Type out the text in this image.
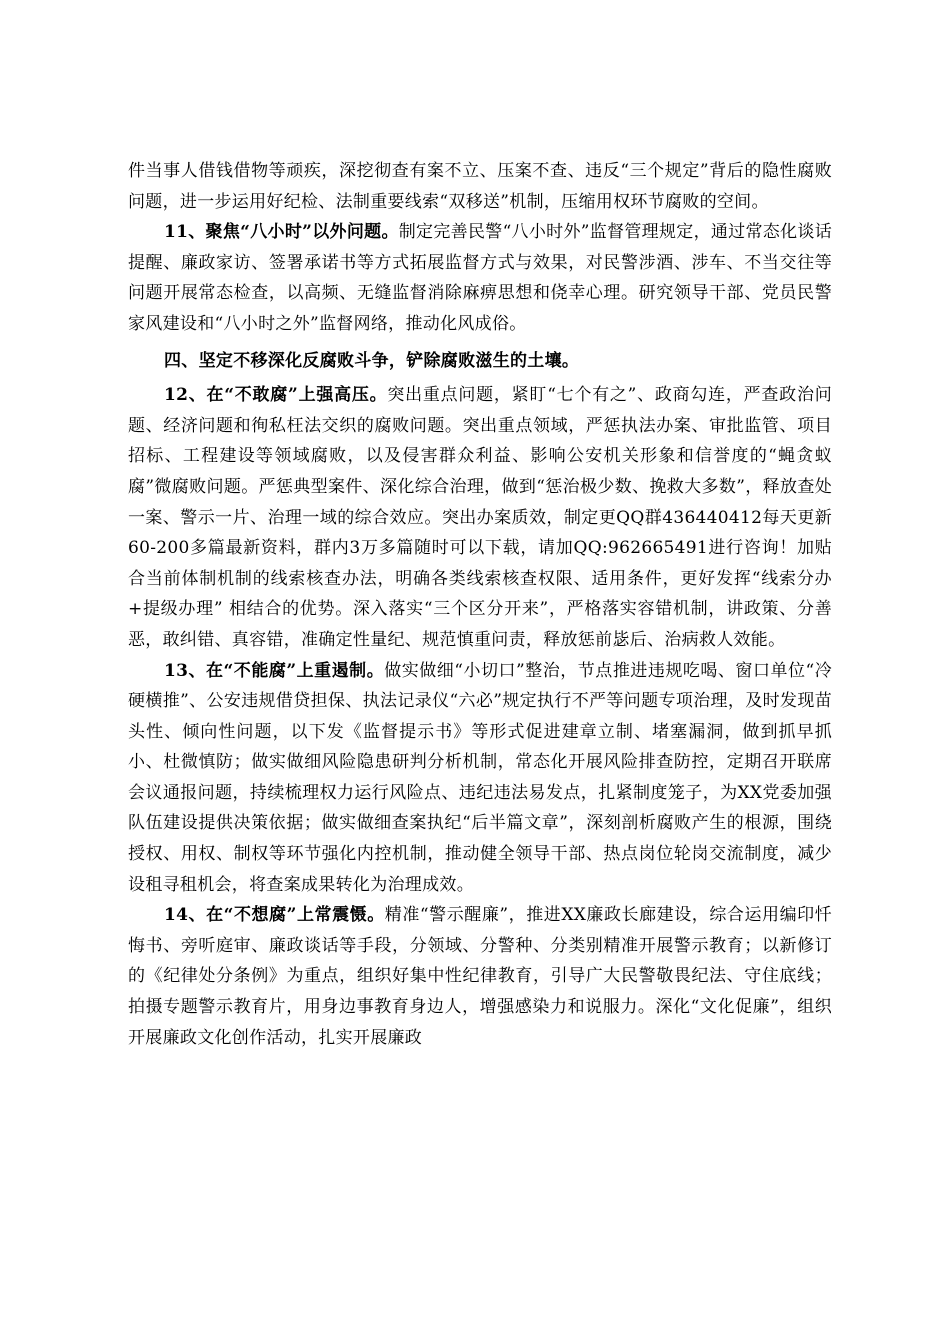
件当事人借钱借物等顽疾，深挖彻查有案不立、压案不查、违反“三个规定”背后的隐性腐败问题，进一步运用好纪检、法制重要线索“双移送”机制，压缩用权环节腐败的空间。

11、聚焦“八小时”以外问题。制定完善民警“八小时外”监督管理规定，通过常态化谈话提醒、廉政家访、签署承诺书等方式拓展监督方式与效果，对民警涉酒、涉车、不当交往等问题开展常态检查，以高频、无缝监督消除麻痹思想和侥幸心理。研究领导干部、党员民警家风建设和“八小时之外”监督网络，推动化风成俗。

四、坚定不移深化反腐败斗争，铲除腐败滋生的土壤。

12、在“不敢腐”上强高压。突出重点问题，紧盯“七个有之”、政商勾连，严查政治问题、经济问题和徇私枉法交织的腐败问题。突出重点领域，严惩执法办案、审批监管、项目招标、工程建设等领域腐败，以及侵害群众利益、影响公安机关形象和信誉度的“蝇贪蚁腐”微腐败问题。严惩典型案件、深化综合治理，做到“惩治极少数、挽救大多数”，释放查处一案、警示一片、治理一域的综合效应。突出办案质效，制定更QQ群436440412每天更新60-200多篇最新资料，群内3万多篇随时可以下载，请加QQ:962665491进行咨询！加贴合当前体制机制的线索核查办法，明确各类线索核查权限、适用条件，更好发挥“线索分办+提级办理” 相结合的优势。深入落实“三个区分开来”，严格落实容错机制，讲政策、分善恶，敢纠错、真容错，准确定性量纪、规范慎重问责，释放惩前毖后、治病救人效能。

13、在“不能腐”上重遏制。做实做细“小切口”整治，节点推进违规吃喝、窗口单位“冷硬横推”、公安违规借贷担保、执法记录仪“六必”规定执行不严等问题专项治理，及时发现苗头性、倾向性问题，以下发《监督提示书》等形式促进建章立制、堵塞漏洞，做到抓早抓小、杜微慎防；做实做细风险隐患研判分析机制，常态化开展风险排查防控，定期召开联席会议通报问题，持续梳理权力运行风险点、违纪违法易发点，扎紧制度笼子，为XX党委加强队伍建设提供决策依据；做实做细查案执纪“后半篇文章”，深刻剖析腐败产生的根源，围绕授权、用权、制权等环节强化内控机制，推动健全领导干部、热点岗位轮岗交流制度，减少设租寻租机会，将查案成果转化为治理成效。

14、在“不想腐”上常震慑。精准“警示醒廉”，推进XX廉政长廊建设，综合运用编印忏悔书、旁听庭审、廉政谈话等手段，分领域、分警种、分类别精准开展警示教育；以新修订的《纪律处分条例》为重点，组织好集中性纪律教育，引导广大民警敬畏纪法、守住底线；拍摄专题警示教育片，用身边事教育身边人，增强感染力和说服力。深化“文化促廉”，组织开展廉政文化创作活动，扎实开展廉政
